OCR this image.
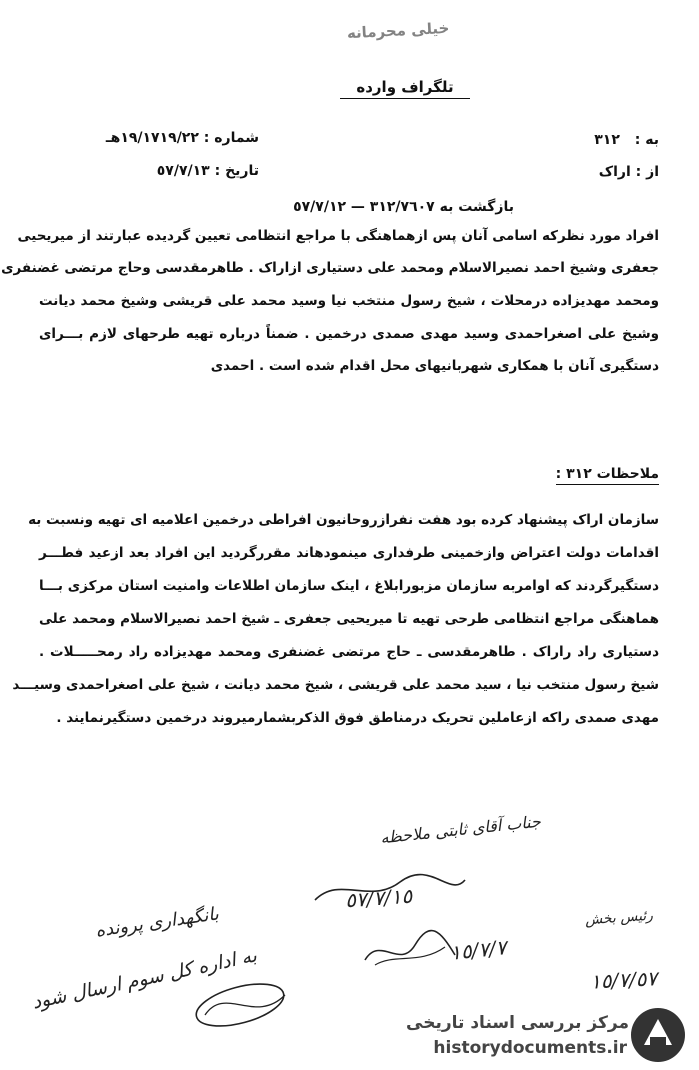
خیلی محرمانه
تلگراف وارده
به : ٣١٢
از : اراک
شماره : ١٩/١٧١٩/٢٢هـ
تاریخ : ٥٧/٧/١٣
بازگشت به ٣١٢/٧٦٠٧ — ٥٧/٧/١٢
افراد مورد نظرکه اسامی آنان پس ازهماهنگی با مراجع انتظامی تعیین گردیده عبارتند از میریحیی
جعفری وشیخ احمد نصیرالاسلام ومحمد علی دستیاری ازاراک . طاهرمقدسی وحاج مرتضی غضنفری
ومحمد مهدیزاده درمحلات ، شیخ رسول منتخب نیا وسید محمد علی قریشی وشیخ محمد دیانت
وشیخ علی اصغراحمدی وسید مهدی صمدی درخمین . ضمناً درباره تهیه طرحهای لازم بـــرای
دستگیری آنان با همکاری شهربانیهای محل اقدام شده است . احمدی
ملاحظات ٣١٢ :
سازمان اراک پیشنهاد کرده بود هفت نفرازروحانیون افراطی درخمین اعلامیه ای تهیه ونسبت به
اقدامات دولت اعتراض وازخمینی طرفداری مینمودهاند مقررگردید این افراد بعد ازعید فطـــر
دستگیرگردند که اوامربه سازمان مزبورابلاغ ، اینک سازمان اطلاعات وامنیت استان مرکزی بـــا
هماهنگی مراجع انتظامی طرحی تهیه تا میریحیی جعفری ـ شیخ احمد نصیرالاسلام ومحمد علی
دستیاری راد راراک . طاهرمقدسی ـ حاج مرتضی غضنفری ومحمد مهدیزاده راد رمحـــــلات .
شیخ رسول منتخب نیا ، سید محمد علی قریشی ، شیخ محمد دیانت ، شیخ علی اصغراحمدی وسیـــد
مهدی صمدی راکه ازعاملین تحریک درمناطق فوق الذکربشمارمیروند درخمین دستگیرنمایند .
جناب آقای ثابتی ملاحظه
٥٧/٧/١٥
١٥/٧/٧
رئیس بخش
١٥/٧/٥٧
بانگهداری پرونده
به اداره کل سوم ارسال شود
مرکز بررسی اسناد تاریخی
historydocuments.ir
